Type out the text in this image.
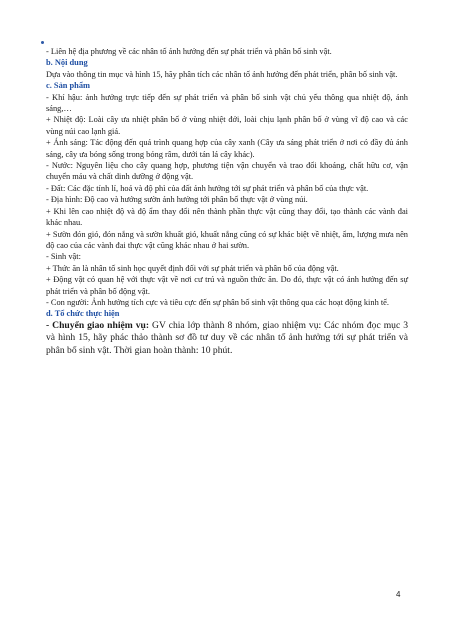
- Liên hệ địa phương về các nhân tố ảnh hưởng đến sự phát triển và phân bố sinh vật.

b. Nội dung

Dựa vào thông tin mục và hình 15, hãy phân tích các nhân tố ảnh hưởng đến phát triển, phân bố sinh vật.

c. Sản phẩm

- Khí hậu: ảnh hưởng trực tiếp đến sự phát triển và phân bố sinh vật chủ yếu thông qua nhiệt độ, ánh sáng,…

+ Nhiệt độ: Loài cây ưa nhiệt phân bố ở vùng nhiệt đới, loài chịu lạnh phân bố ở vùng vĩ độ cao và các vùng núi cao lạnh giá.

+ Ánh sáng: Tác động đến quá trình quang hợp của cây xanh (Cây ưa sáng phát triển ở nơi có đầy đủ ánh sáng, cây ưa bóng sống trong bóng râm, dưới tán lá cây khác).

- Nước: Nguyên liệu cho cây quang hợp, phương tiện vận chuyển và trao đổi khoáng, chất hữu cơ, vận chuyển máu và chất dinh dưỡng ở động vật.

- Đất: Các đặc tính lí, hoá và độ phì của đất ảnh hưởng tới sự phát triển và phân bố của thực vật.

- Địa hình: Độ cao và hướng sườn ảnh hưởng tới phân bố thực vật ở vùng núi.

+ Khi lên cao nhiệt độ và độ ẩm thay đổi nên thành phần thực vật cũng thay đổi, tạo thành các vành đai khác nhau.

+ Sườn đón gió, đón nắng và sườn khuất gió, khuất nắng cũng có sự khác biệt về nhiệt, ẩm, lượng mưa nên độ cao của các vành đai thực vật cũng khác nhau ở hai sườn.

- Sinh vật:

+ Thức ăn là nhân tố sinh học quyết định đối với sự phát triển và phân bố của động vật.

+ Động vật có quan hệ với thực vật về nơi cư trú và nguồn thức ăn. Do đó, thực vật có ảnh hưởng đến sự phát triển và phân bố động vật.

- Con người: Ảnh hưởng tích cực và tiêu cực đến sự phân bố sinh vật thông qua các hoạt động kinh tế.

d. Tổ chức thực hiện

- Chuyển giao nhiệm vụ: GV chia lớp thành 8 nhóm, giao nhiệm vụ: Các nhóm đọc mục 3 và hình 15, hãy phác thảo thành sơ đồ tư duy về các nhân tố ảnh hưởng tới sự phát triển và phân bố sinh vật. Thời gian hoàn thành: 10 phút.

4
